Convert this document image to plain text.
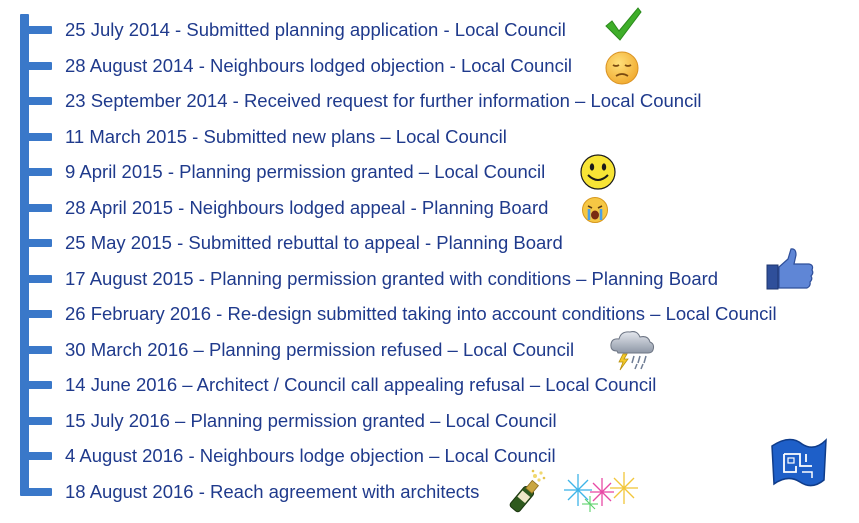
25 July 2014 - Submitted planning application - Local Council
28 August 2014 - Neighbours lodged objection - Local Council
23 September 2014 - Received request for further information – Local Council
11 March 2015 - Submitted new plans – Local Council
9 April 2015 - Planning permission granted – Local Council
28 April 2015 - Neighbours lodged appeal - Planning Board
25 May 2015 - Submitted rebuttal to appeal - Planning Board
17 August 2015 - Planning permission granted with conditions – Planning Board
26 February 2016 - Re-design submitted taking into account conditions – Local Council
30 March 2016 – Planning permission refused – Local Council
14 June 2016 – Architect / Council call appealing refusal – Local Council
15 July 2016 – Planning permission granted – Local Council
4 August 2016 - Neighbours lodge objection – Local Council
18 August 2016 - Reach agreement with architects
